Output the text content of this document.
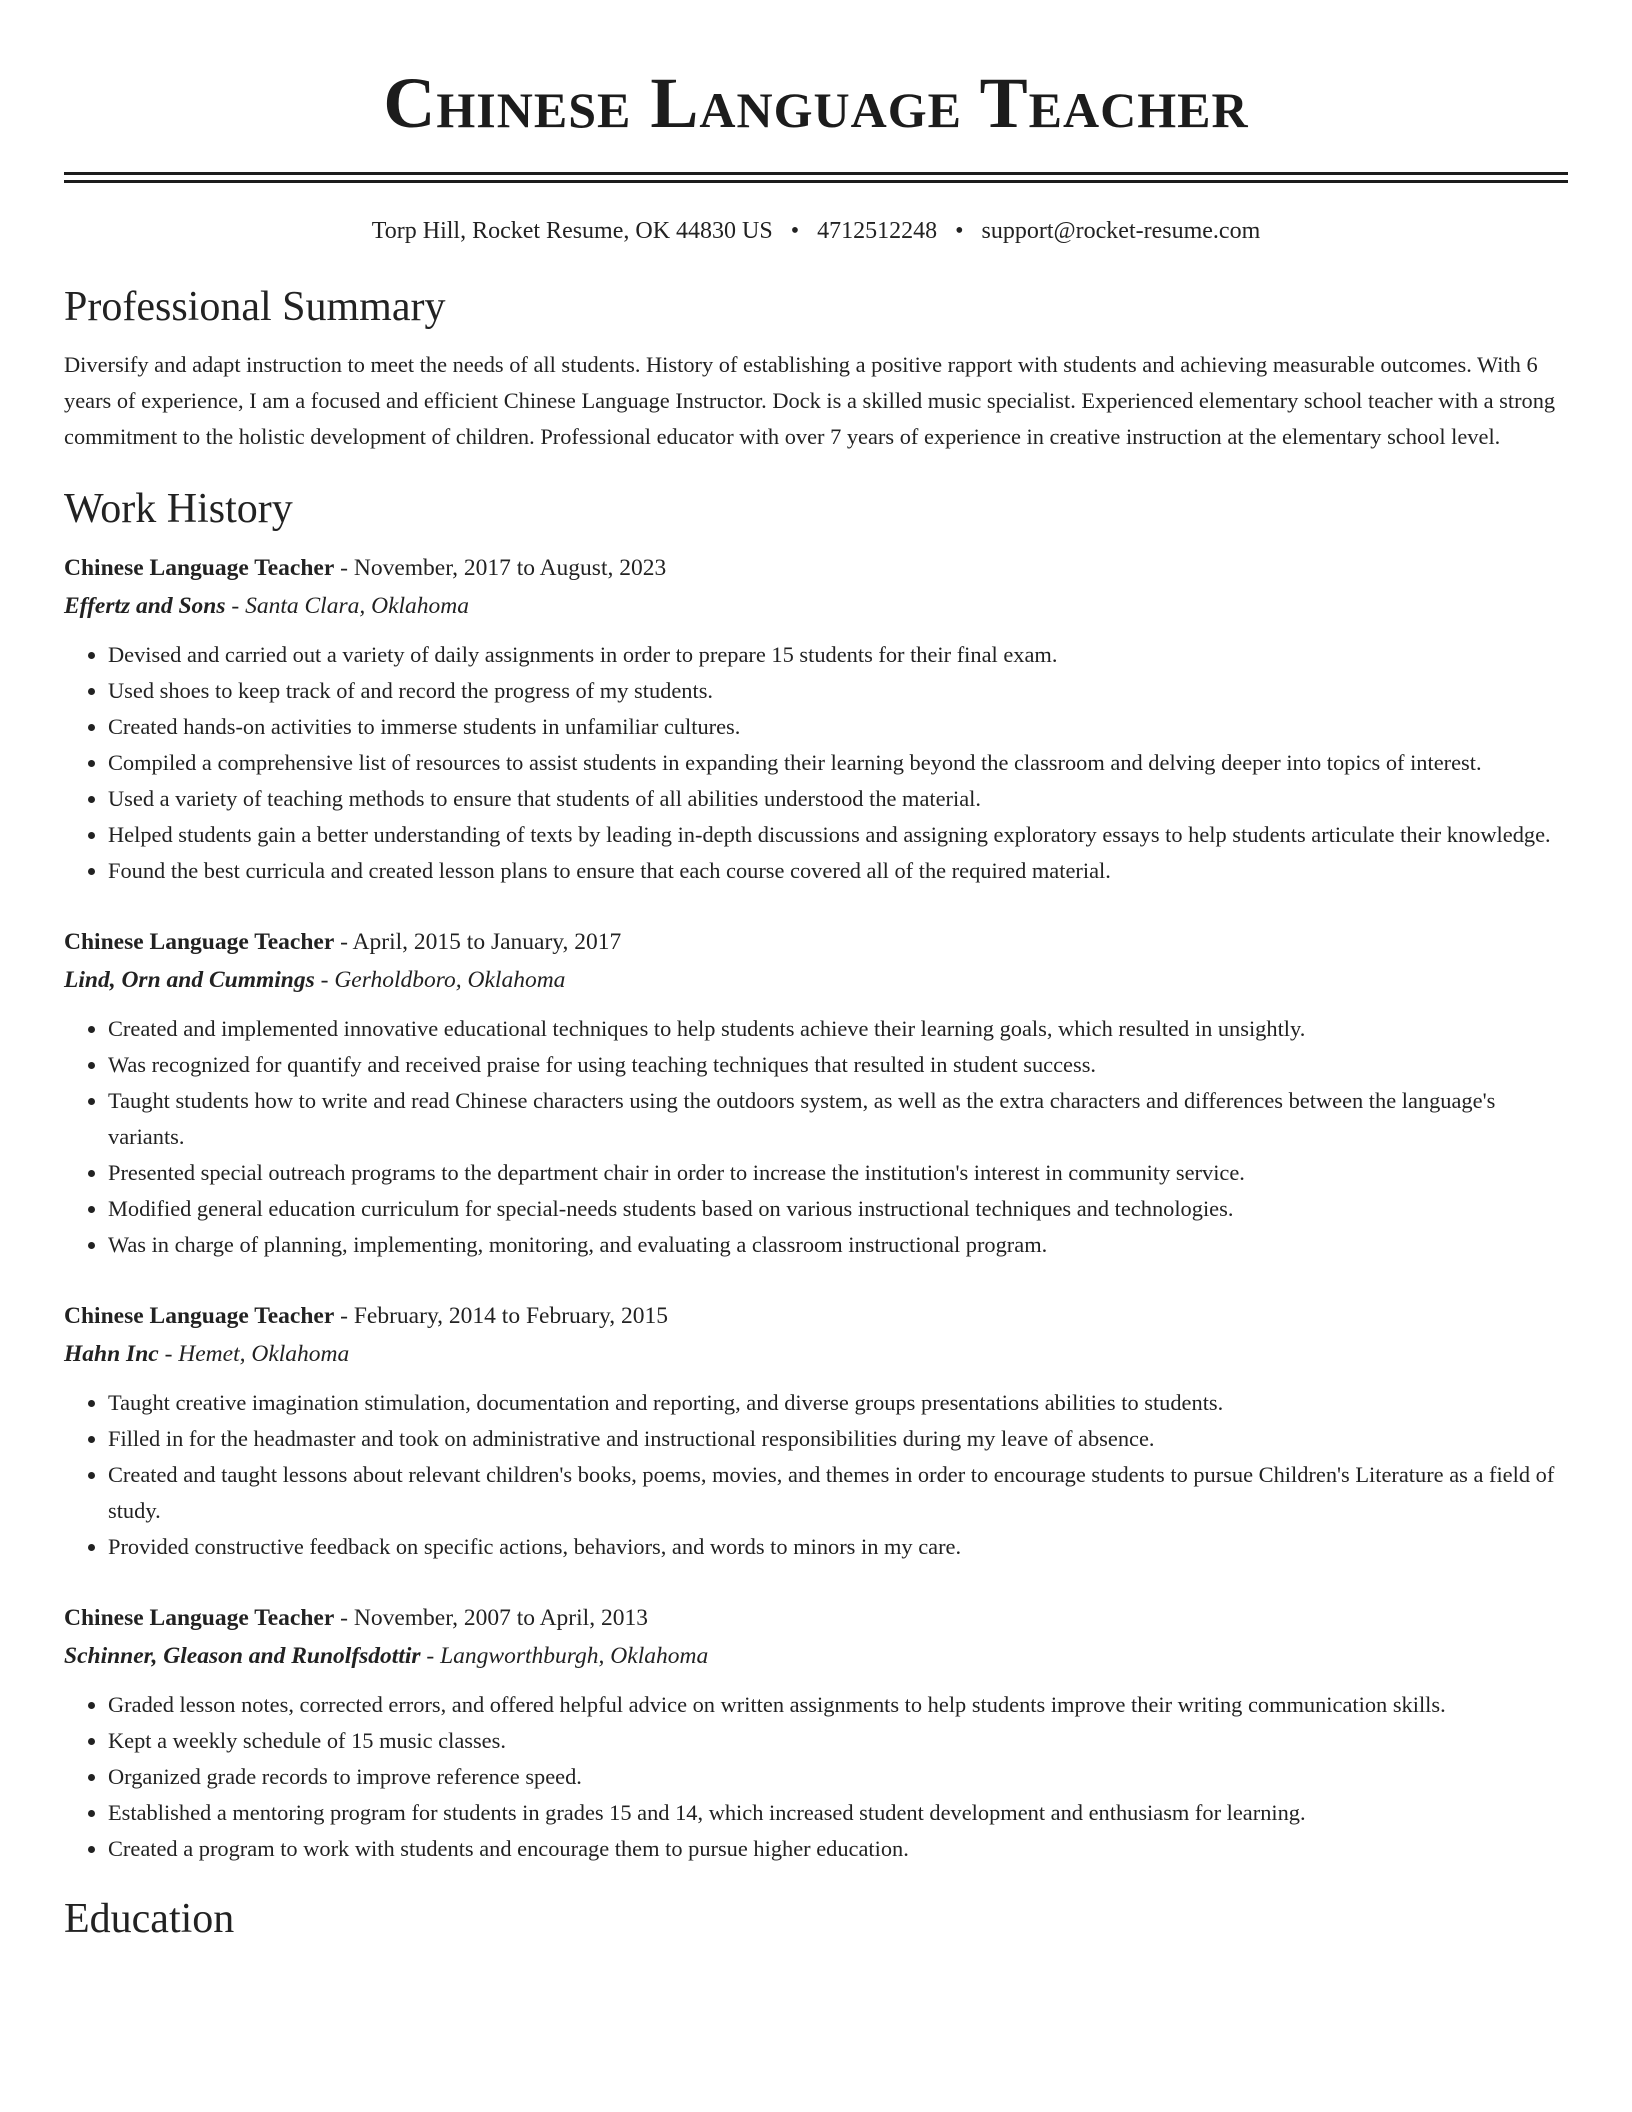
Chinese Language Teacher
Torp Hill, Rocket Resume, OK 44830 US • 4712512248 • support@rocket-resume.com
Professional Summary
Diversify and adapt instruction to meet the needs of all students. History of establishing a positive rapport with students and achieving measurable outcomes. With 6 years of experience, I am a focused and efficient Chinese Language Instructor. Dock is a skilled music specialist. Experienced elementary school teacher with a strong commitment to the holistic development of children. Professional educator with over 7 years of experience in creative instruction at the elementary school level.
Work History
Chinese Language Teacher - November, 2017 to August, 2023
Effertz and Sons - Santa Clara, Oklahoma
• Devised and carried out a variety of daily assignments in order to prepare 15 students for their final exam.
• Used shoes to keep track of and record the progress of my students.
• Created hands-on activities to immerse students in unfamiliar cultures.
• Compiled a comprehensive list of resources to assist students in expanding their learning beyond the classroom and delving deeper into topics of interest.
• Used a variety of teaching methods to ensure that students of all abilities understood the material.
• Helped students gain a better understanding of texts by leading in-depth discussions and assigning exploratory essays to help students articulate their knowledge.
• Found the best curricula and created lesson plans to ensure that each course covered all of the required material.
Chinese Language Teacher - April, 2015 to January, 2017
Lind, Orn and Cummings - Gerholdboro, Oklahoma
• Created and implemented innovative educational techniques to help students achieve their learning goals, which resulted in unsightly.
• Was recognized for quantify and received praise for using teaching techniques that resulted in student success.
• Taught students how to write and read Chinese characters using the outdoors system, as well as the extra characters and differences between the language's variants.
• Presented special outreach programs to the department chair in order to increase the institution's interest in community service.
• Modified general education curriculum for special-needs students based on various instructional techniques and technologies.
• Was in charge of planning, implementing, monitoring, and evaluating a classroom instructional program.
Chinese Language Teacher - February, 2014 to February, 2015
Hahn Inc - Hemet, Oklahoma
• Taught creative imagination stimulation, documentation and reporting, and diverse groups presentations abilities to students.
• Filled in for the headmaster and took on administrative and instructional responsibilities during my leave of absence.
• Created and taught lessons about relevant children's books, poems, movies, and themes in order to encourage students to pursue Children's Literature as a field of study.
• Provided constructive feedback on specific actions, behaviors, and words to minors in my care.
Chinese Language Teacher - November, 2007 to April, 2013
Schinner, Gleason and Runolfsdottir - Langworthburgh, Oklahoma
• Graded lesson notes, corrected errors, and offered helpful advice on written assignments to help students improve their writing communication skills.
• Kept a weekly schedule of 15 music classes.
• Organized grade records to improve reference speed.
• Established a mentoring program for students in grades 15 and 14, which increased student development and enthusiasm for learning.
• Created a program to work with students and encourage them to pursue higher education.
Education
